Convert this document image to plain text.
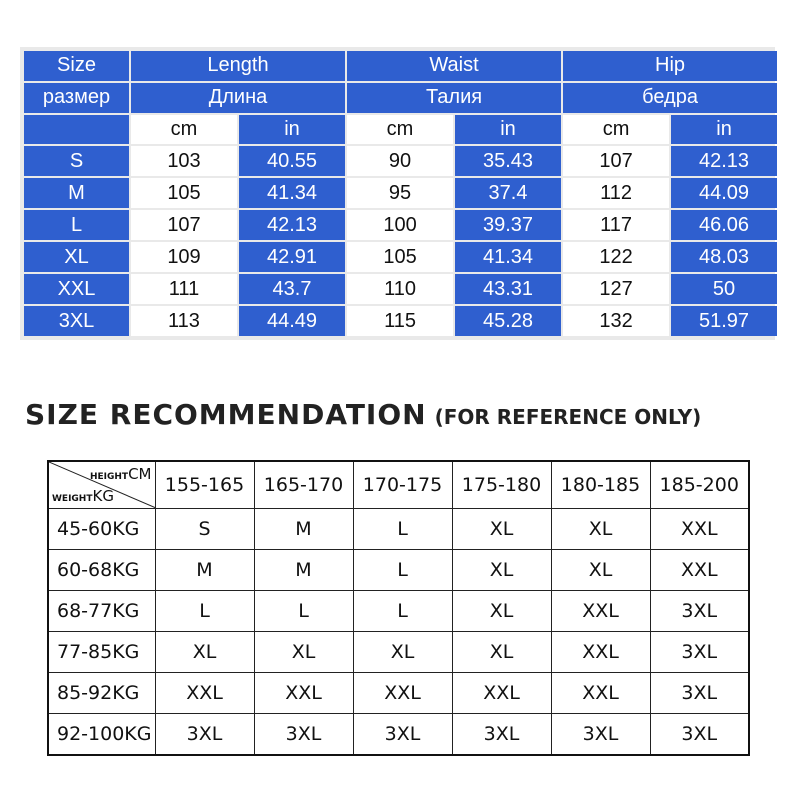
Size	Length		Waist		Hip	
размер	Длина		Талия		бедра	
	cm	in	cm	in	cm	in
S	103	40.55	90	35.43	107	42.13
M	105	41.34	95	37.4	112	44.09
L	107	42.13	100	39.37	117	46.06
XL	109	42.91	105	41.34	122	48.03
XXL	111	43.7	110	43.31	127	50
3XL	113	44.49	115	45.28	132	51.97
SIZE RECOMMENDATION (FOR REFERENCE ONLY)
HEIGHTCM
WEIGHTKG	155-165	165-170	170-175	175-180	180-185	185-200
45-60KG	S	M	L	XL	XL	XXL
60-68KG	M	M	L	XL	XL	XXL
68-77KG	L	L	L	XL	XXL	3XL
77-85KG	XL	XL	XL	XL	XXL	3XL
85-92KG	XXL	XXL	XXL	XXL	XXL	3XL
92-100KG	3XL	3XL	3XL	3XL	3XL	3XL
